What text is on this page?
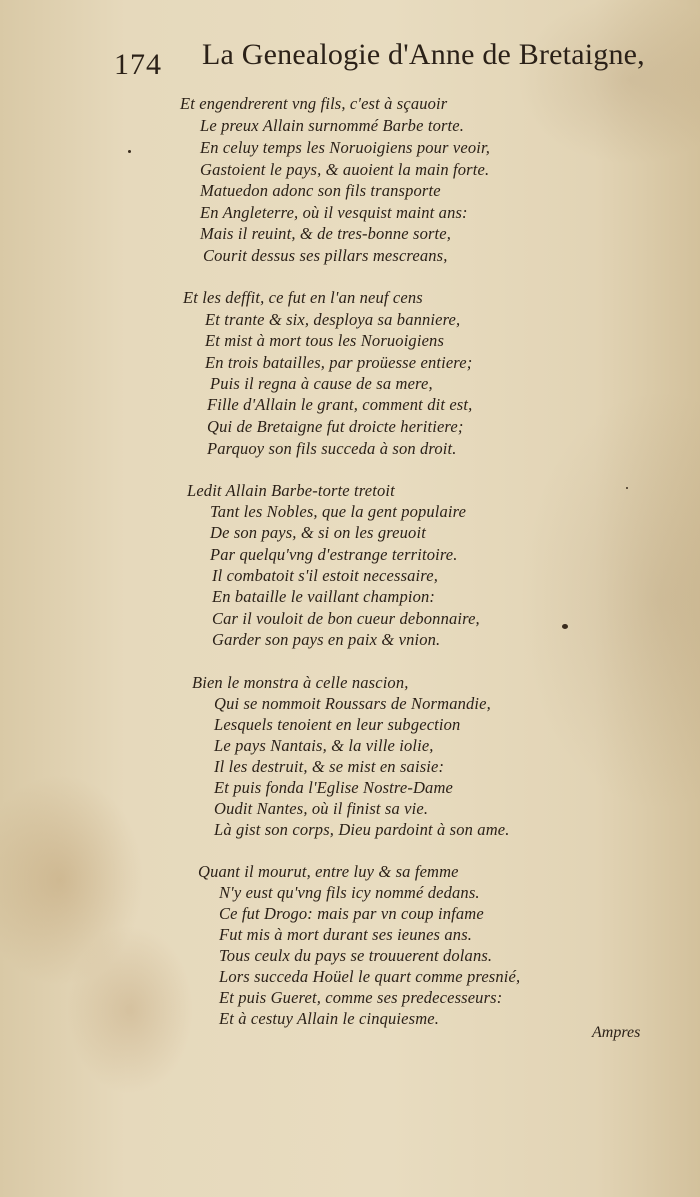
174 La Genealogie d'Anne de Bretaigne,
Et engendrerent vng fils, c'est à sçauoir
Le preux Allain surnommé Barbe torte.
En celuy temps les Noruoigiens pour veoir,
Gastoient le pays, & auoient la main forte.
Matuedon adonc son fils transporte
En Angleterre, où il vesquist maint ans:
Mais il reuint, & de tres-bonne sorte,
Courit dessus ses pillars mescreans,
Et les deffit, ce fut en l'an neuf cens
Et trante & six, desploya sa banniere,
Et mist à mort tous les Noruoigiens
En trois batailles, par proüesse entiere;
Puis il regna à cause de sa mere,
Fille d'Allain le grant, comment dit est,
Qui de Bretaigne fut droicte heritiere;
Parquoy son fils succeda à son droit.
Ledit Allain Barbe-torte tretoit
Tant les Nobles, que la gent populaire
De son pays, & si on les greuoit
Par quelqu'vng d'estrange territoire.
Il combatoit s'il estoit necessaire,
En bataille le vaillant champion:
Car il vouloit de bon cueur debonnaire,
Garder son pays en paix & vnion.
Bien le monstra à celle nascion,
Qui se nommoit Roussars de Normandie,
Lesquels tenoient en leur subgection
Le pays Nantais, & la ville iolie,
Il les destruit, & se mist en saisie:
Et puis fonda l'Eglise Nostre-Dame
Oudit Nantes, où il finist sa vie.
Là gist son corps, Dieu pardoint à son ame.
Quant il mourut, entre luy & sa femme
N'y eust qu'vng fils icy nommé dedans.
Ce fut Drogo: mais par vn coup infame
Fut mis à mort durant ses ieunes ans.
Tous ceulx du pays se trouuerent dolans.
Lors succeda Hoüel le quart comme presnié,
Et puis Gueret, comme ses predecesseurs:
Et à cestuy Allain le cinquiesme.
Ampres
